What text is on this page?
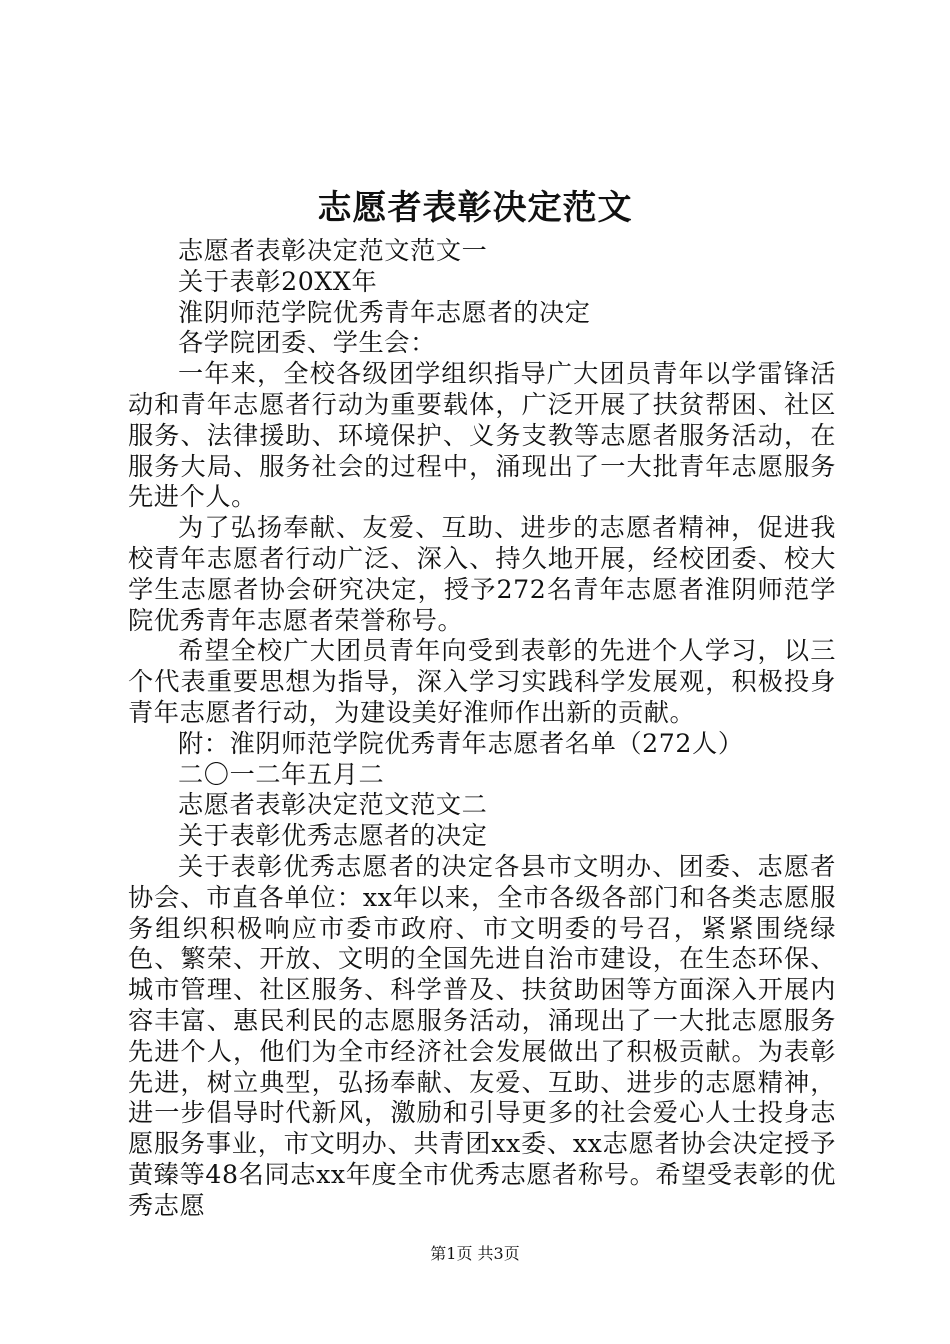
志愿者表彰决定范文

志愿者表彰决定范文范文一

关于表彰20XX年

淮阴师范学院优秀青年志愿者的决定

各学院团委、学生会：

一年来，全校各级团学组织指导广大团员青年以学雷锋活动和青年志愿者行动为重要载体，广泛开展了扶贫帮困、社区服务、法律援助、环境保护、义务支教等志愿者服务活动，在服务大局、服务社会的过程中，涌现出了一大批青年志愿服务先进个人。

为了弘扬奉献、友爱、互助、进步的志愿者精神，促进我校青年志愿者行动广泛、深入、持久地开展，经校团委、校大学生志愿者协会研究决定，授予272名青年志愿者淮阴师范学院优秀青年志愿者荣誉称号。

希望全校广大团员青年向受到表彰的先进个人学习，以三个代表重要思想为指导，深入学习实践科学发展观，积极投身青年志愿者行动，为建设美好淮师作出新的贡献。

附：淮阴师范学院优秀青年志愿者名单（272人）

二〇一二年五月二

志愿者表彰决定范文范文二

关于表彰优秀志愿者的决定

关于表彰优秀志愿者的决定各县市文明办、团委、志愿者协会、市直各单位：xx年以来，全市各级各部门和各类志愿服务组织积极响应市委市政府、市文明委的号召，紧紧围绕绿色、繁荣、开放、文明的全国先进自治市建设，在生态环保、城市管理、社区服务、科学普及、扶贫助困等方面深入开展内容丰富、惠民利民的志愿服务活动，涌现出了一大批志愿服务先进个人，他们为全市经济社会发展做出了积极贡献。为表彰先进，树立典型，弘扬奉献、友爱、互助、进步的志愿精神，进一步倡导时代新风，激励和引导更多的社会爱心人士投身志愿服务事业，市文明办、共青团xx委、xx志愿者协会决定授予黄臻等48名同志xx年度全市优秀志愿者称号。希望受表彰的优秀志愿

第1页 共3页
